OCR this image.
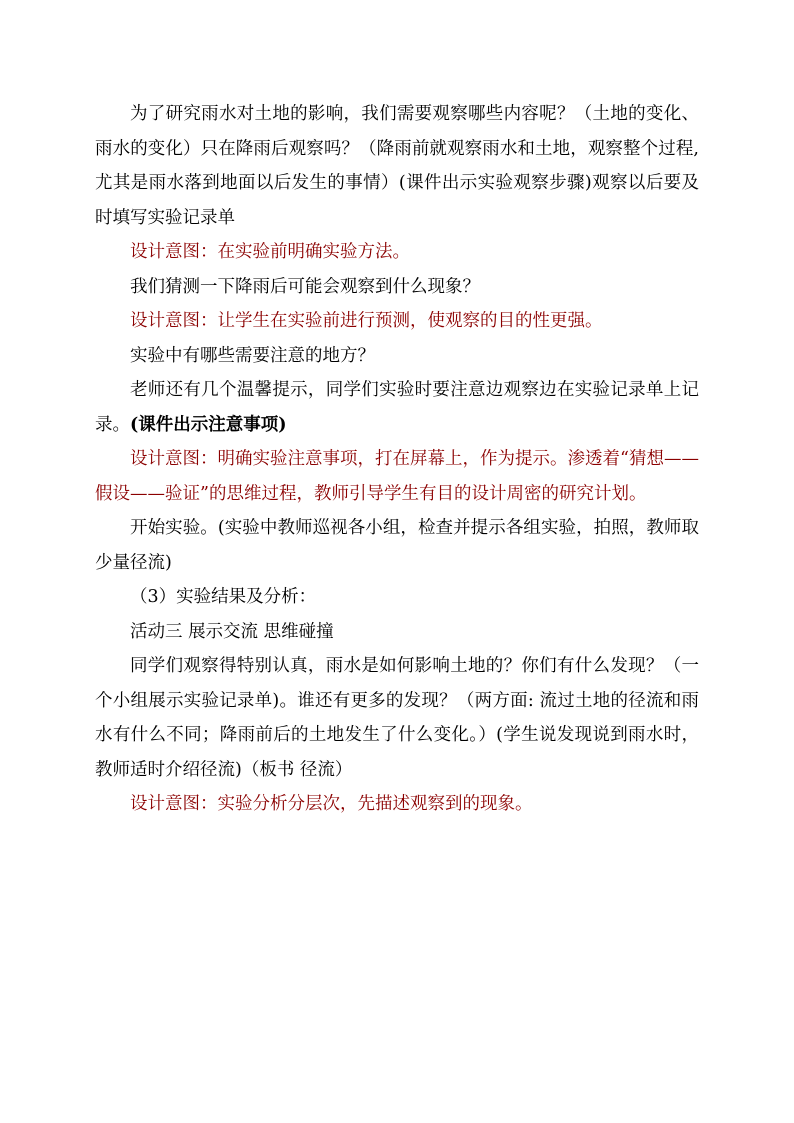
为了研究雨水对土地的影响，我们需要观察哪些内容呢？（土地的变化、雨水的变化）只在降雨后观察吗？（降雨前就观察雨水和土地，观察整个过程,尤其是雨水落到地面以后发生的事情）(课件出示实验观察步骤)观察以后要及时填写实验记录单

设计意图：在实验前明确实验方法。

我们猜测一下降雨后可能会观察到什么现象？

设计意图：让学生在实验前进行预测，使观察的目的性更强。

实验中有哪些需要注意的地方？

老师还有几个温馨提示，同学们实验时要注意边观察边在实验记录单上记录。(课件出示注意事项)

设计意图：明确实验注意事项，打在屏幕上，作为提示。渗透着“猜想——假设——验证”的思维过程，教师引导学生有目的设计周密的研究计划。

开始实验。(实验中教师巡视各小组，检查并提示各组实验，拍照，教师取少量径流)

（3）实验结果及分析：

活动三 展示交流 思维碰撞

同学们观察得特别认真，雨水是如何影响土地的？你们有什么发现？（一个小组展示实验记录单)。谁还有更多的发现？（两方面: 流过土地的径流和雨水有什么不同；降雨前后的土地发生了什么变化。）(学生说发现说到雨水时，教师适时介绍径流)（板书 径流）

设计意图：实验分析分层次，先描述观察到的现象。
